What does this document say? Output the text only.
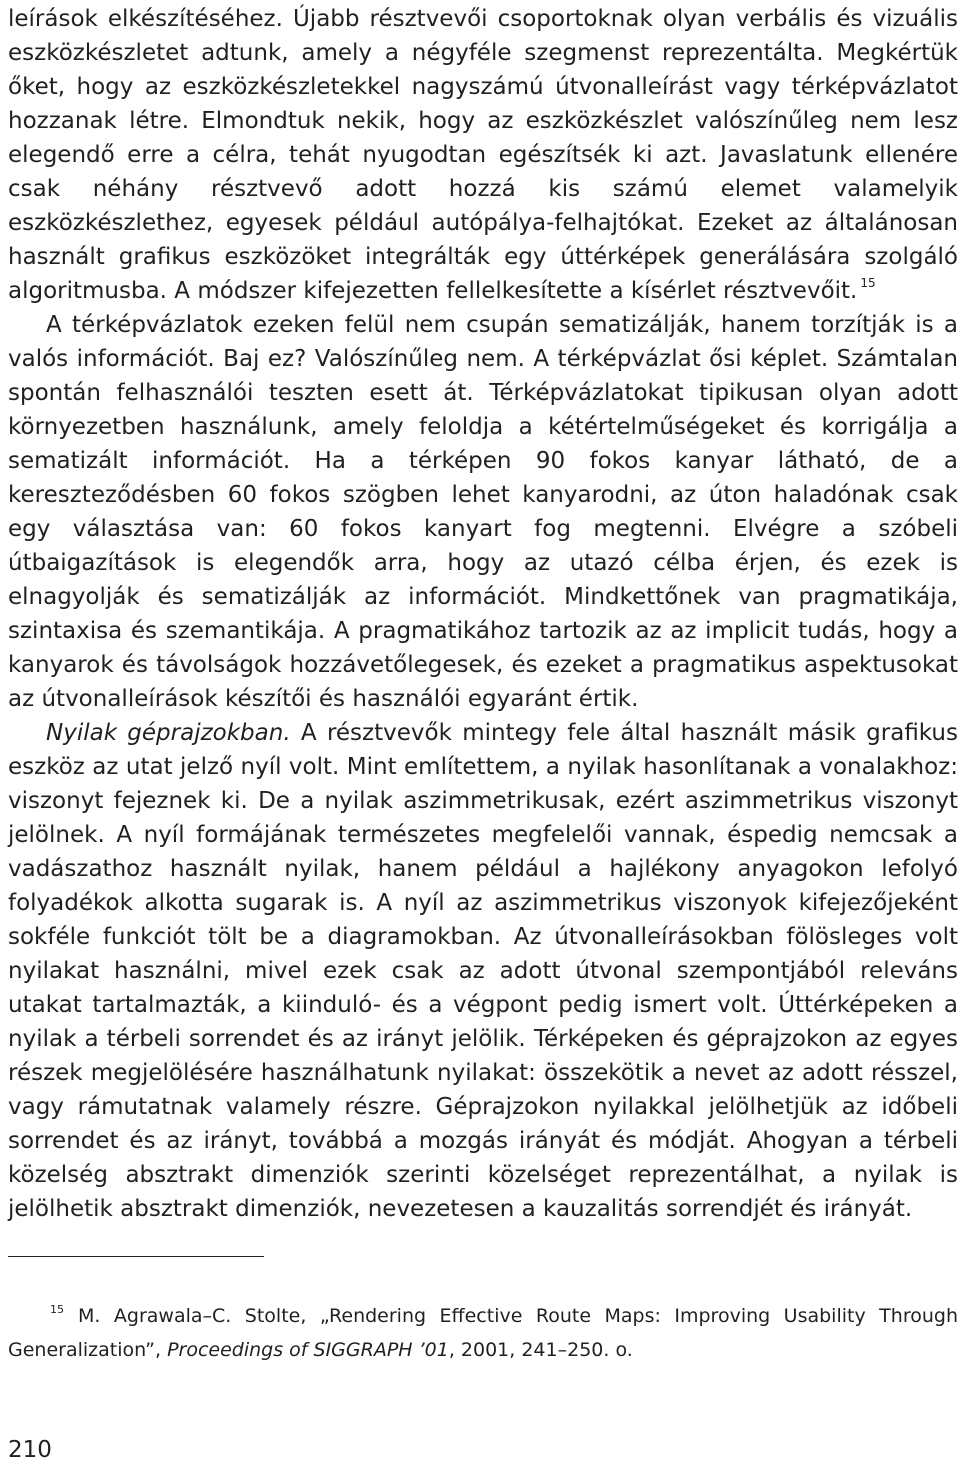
leírások elkészítéséhez. Újabb résztvevői csoportoknak olyan verbális és vizuális eszközkészletet adtunk, amely a négyféle szegmenst reprezentálta. Megkértük őket, hogy az eszközkészletekkel nagyszámú útvonalleírást vagy térképvázlatot hozzanak létre. Elmondtuk nekik, hogy az eszközkészlet valószínűleg nem lesz elegendő erre a célra, tehát nyugodtan egészítsék ki azt. Javaslatunk ellenére csak néhány résztvevő adott hozzá kis számú elemet valamelyik eszközkészlethez, egyesek például autópálya-felhajtókat. Ezeket az általánosan használt grafikus eszközöket integrálták egy úttérképek generálására szolgáló algoritmusba. A módszer kifejezetten fellelkesítette a kísérlet résztvevőit. $^{15}$

A térképvázlatok ezeken felül nem csupán sematizálják, hanem torzítják is a valós információt. Baj ez? Valószínűleg nem. A térképvázlat ősi képlet. Számtalan spontán felhasználói teszten esett át. Térképvázlatokat tipikusan olyan adott környezetben használunk, amely feloldja a kétértelműségeket és korrigálja a sematizált információt. Ha a térképen 90 fokos kanyar látható, de a kereszteződésben 60 fokos szögben lehet kanyarodni, az úton haladónak csak egy választása van: 60 fokos kanyart fog megtenni. Elvégre a szóbeli útbaigazítások is elegendők arra, hogy az utazó célba érjen, és ezek is elnagyolják és sematizálják az információt. Mindkettőnek van pragmatikája, szintaxisa és szemantikája. A pragmatikához tartozik az az implicit tudás, hogy a kanyarok és távolságok hozzávetőlegesek, és ezeket a pragmatikus aspektusokat az útvonalleírások készítői és használói egyaránt értik.

Nyilak géprajzokban. A résztvevők mintegy fele által használt másik grafikus eszköz az utat jelző nyíl volt. Mint említettem, a nyilak hasonlítanak a vonalakhoz: viszonyt fejeznek ki. De a nyilak aszimmetrikusak, ezért aszimmetrikus viszonyt jelölnek. A nyíl formájának természetes megfelelői vannak, éspedig nemcsak a vadászathoz használt nyilak, hanem például a hajlékony anyagokon lefolyó folyadékok alkotta sugarak is. A nyíl az aszimmetrikus viszonyok kifejezőjeként sokféle funkciót tölt be a diagramokban. Az útvonalleírásokban fölösleges volt nyilakat használni, mivel ezek csak az adott útvonal szempontjából releváns utakat tartalmazták, a kiinduló- és a végpont pedig ismert volt. Úttérképeken a nyilak a térbeli sorrendet és az irányt jelölik. Térképeken és géprajzokon az egyes részek megjelölésére használhatunk nyilakat: összekötik a nevet az adott résszel, vagy rámutatnak valamely részre. Géprajzokon nyilakkal jelölhetjük az időbeli sorrendet és az irányt, továbbá a mozgás irányát és módját. Ahogyan a térbeli közelség absztrakt dimenziók szerinti közelséget reprezentálhat, a nyilak is jelölhetik absztrakt dimenziók, nevezetesen a kauzalitás sorrendjét és irányát.

$^{15}$ M. Agrawala–C. Stolte, „Rendering Effective Route Maps: Improving Usability Through Generalization”, Proceedings of SIGGRAPH ’01, 2001, 241–250. o.
210
